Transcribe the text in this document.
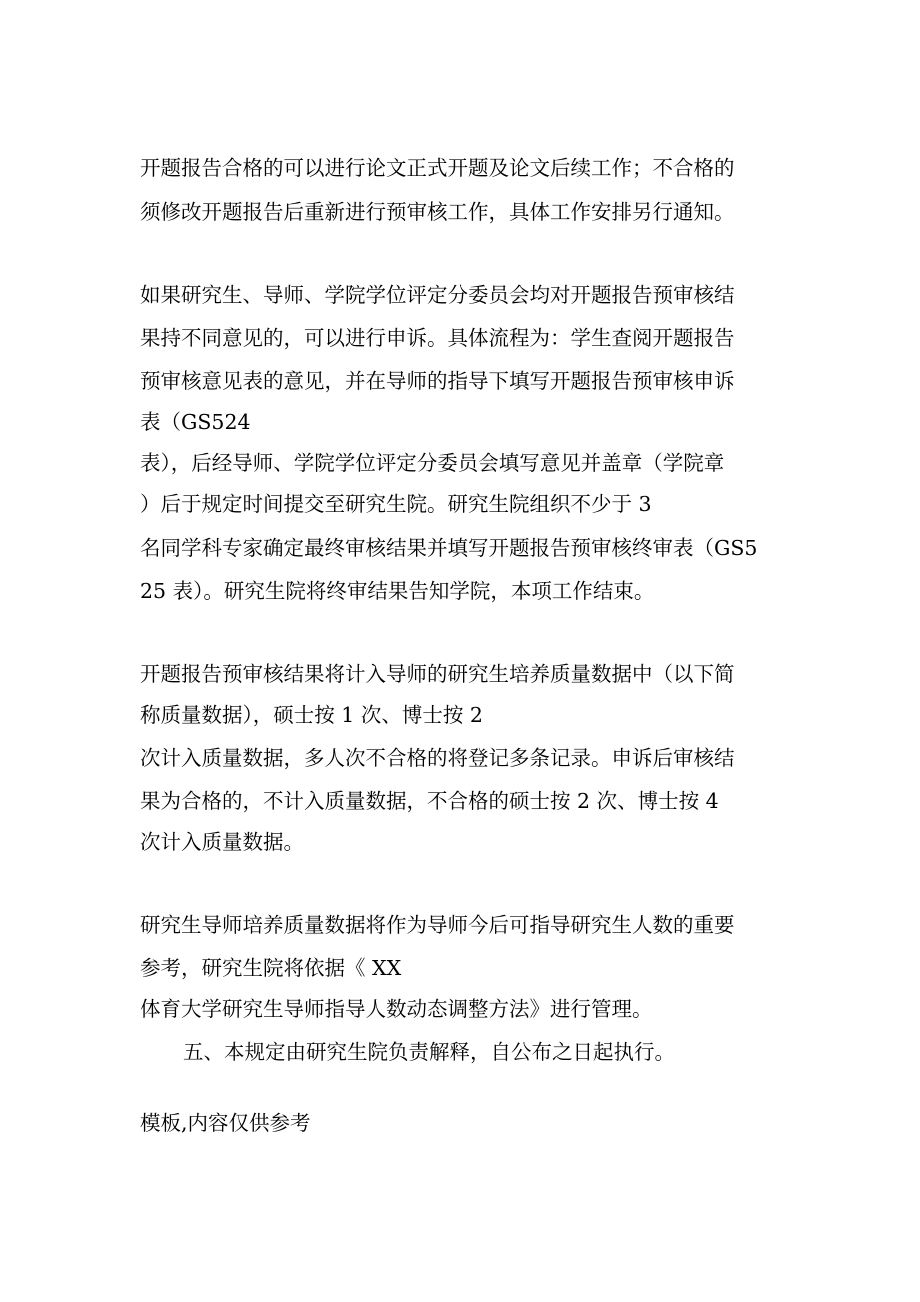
开题报告合格的可以进行论文正式开题及论文后续工作；不合格的
须修改开题报告后重新进行预审核工作，具体工作安排另行通知。
如果研究生、导师、学院学位评定分委员会均对开题报告预审核结
果持不同意见的，可以进行申诉。具体流程为：学生查阅开题报告
预审核意见表的意见，并在导师的指导下填写开题报告预审核申诉
表（GS524
表），后经导师、学院学位评定分委员会填写意见并盖章（学院章
）后于规定时间提交至研究生院。研究生院组织不少于 3
名同学科专家确定最终审核结果并填写开题报告预审核终审表（GS5
25 表）。研究生院将终审结果告知学院，本项工作结束。
开题报告预审核结果将计入导师的研究生培养质量数据中（以下简
称质量数据），硕士按 1 次、博士按 2
次计入质量数据，多人次不合格的将登记多条记录。申诉后审核结
果为合格的，不计入质量数据，不合格的硕士按 2 次、博士按 4
次计入质量数据。
研究生导师培养质量数据将作为导师今后可指导研究生人数的重要
参考，研究生院将依据《 XX
体育大学研究生导师指导人数动态调整方法》进行管理。
五、本规定由研究生院负责解释，自公布之日起执行。
模板,内容仅供参考
